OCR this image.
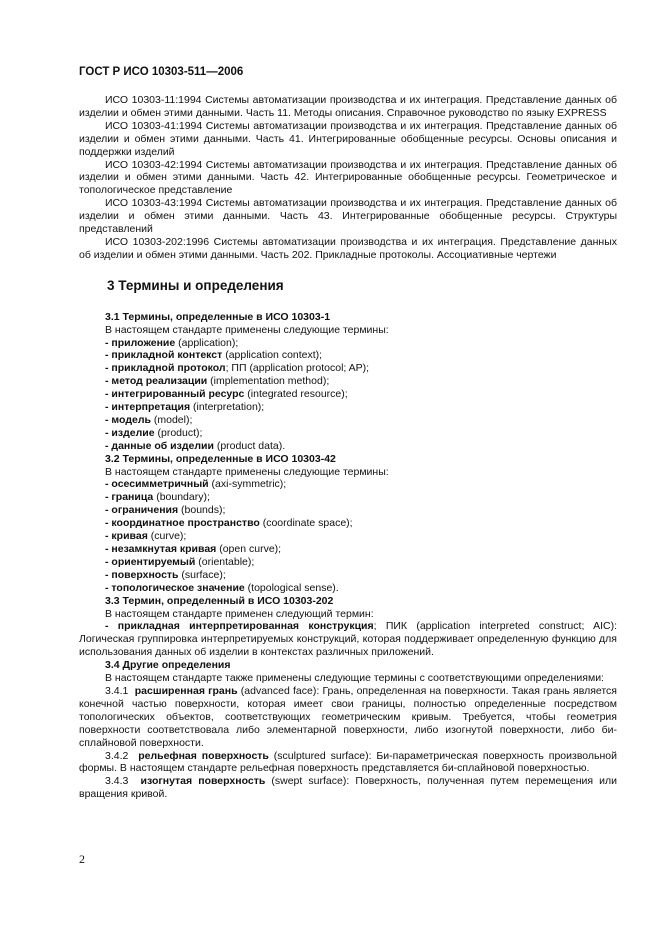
ГОСТ Р ИСО 10303-511—2006

ИСО 10303-11:1994 Системы автоматизации производства и их интеграция. Представление данных об изделии и обмен этими данными. Часть 11. Методы описания. Справочное руководство по языку EXPRESS

ИСО 10303-41:1994 Системы автоматизации производства и их интеграция. Представление данных об изделии и обмен этими данными. Часть 41. Интегрированные обобщенные ресурсы. Основы описания и поддержки изделий

ИСО 10303-42:1994 Системы автоматизации производства и их интеграция. Представление данных об изделии и обмен этими данными. Часть 42. Интегрированные обобщенные ресурсы. Геометрическое и топологическое представление

ИСО 10303-43:1994 Системы автоматизации производства и их интеграция. Представление данных об изделии и обмен этими данными. Часть 43. Интегрированные обобщенные ресурсы. Структуры представлений

ИСО 10303-202:1996 Системы автоматизации производства и их интеграция. Представление данных об изделии и обмен этими данными. Часть 202. Прикладные протоколы. Ассоциативные чертежи

3 Термины и определения
3.1 Термины, определенные в ИСО 10303-1
В настоящем стандарте применены следующие термины:
- приложение (application);
- прикладной контекст (application context);
- прикладной протокол; ПП (application protocol; AP);
- метод реализации (implementation method);
- интегрированный ресурс (integrated resource);
- интерпретация (interpretation);
- модель (model);
- изделие (product);
- данные об изделии (product data).
3.2 Термины, определенные в ИСО 10303-42
В настоящем стандарте применены следующие термины:
- осесимметричный (axi-symmetric);
- граница (boundary);
- ограничения (bounds);
- координатное пространство (coordinate space);
- кривая (curve);
- незамкнутая кривая (open curve);
- ориентируемый (orientable);
- поверхность (surface);
- топологическое значение (topological sense).
3.3 Термин, определенный в ИСО 10303-202
В настоящем стандарте применен следующий термин:

- прикладная интерпретированная конструкция; ПИК (application interpreted construct; AIC): Логическая группировка интерпретируемых конструкций, которая поддерживает определенную функцию для использования данных об изделии в контекстах различных приложений.

3.4 Другие определения

В настоящем стандарте также применены следующие термины с соответствующими определениями:

3.4.1 расширенная грань (advanced face): Грань, определенная на поверхности. Такая грань является конечной частью поверхности, которая имеет свои границы, полностью определенные посредством топологических объектов, соответствующих геометрическим кривым. Требуется, чтобы геометрия поверхности соответствовала либо элементарной поверхности, либо изогнутой поверхности, либо би-сплайновой поверхности.

3.4.2 рельефная поверхность (sculptured surface): Би-параметрическая поверхность произвольной формы. В настоящем стандарте рельефная поверхность представляется би-сплайновой поверхностью.

3.4.3 изогнутая поверхность (swept surface): Поверхность, полученная путем перемещения или вращения кривой.

2
